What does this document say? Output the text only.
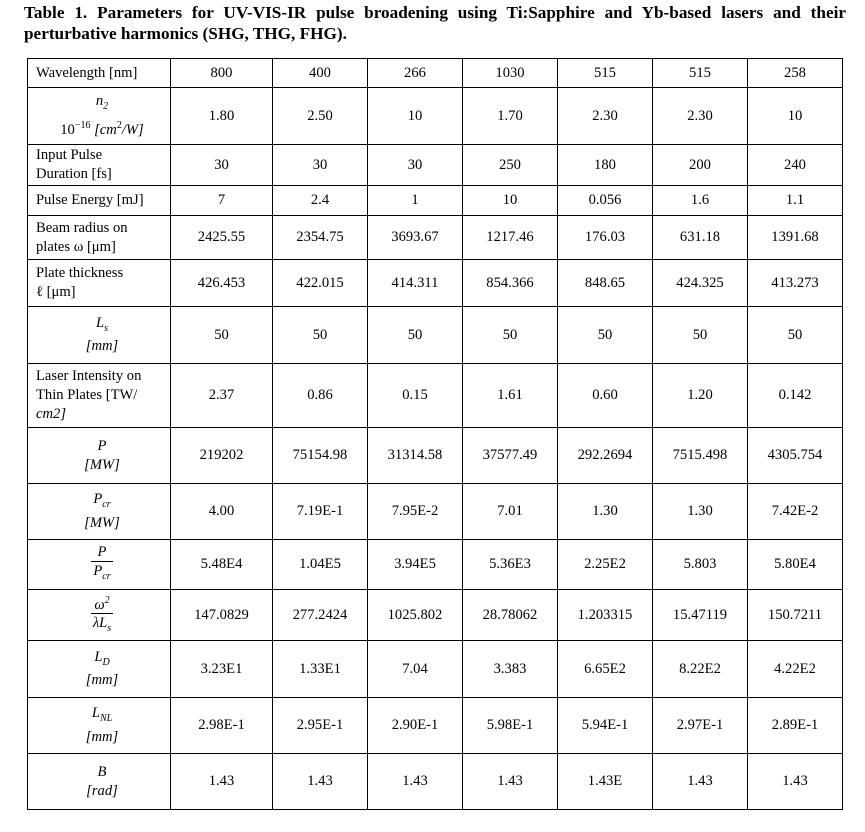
Table 1. Parameters for UV-VIS-IR pulse broadening using Ti:Sapphire and Yb-based lasers and their perturbative harmonics (SHG, THG, FHG).
Wavelength [nm]	800	400	266	1030	515	515	258

$n_2$
$10^{-16}$ $[cm^2/W]$	1.80	2.50	10	1.70	2.30	2.30	10

Input Pulse
Duration [fs]	30	30	30	250	180	200	240
Pulse Energy [mJ]	7	2.4	1	10	0.056	1.6	1.1

Beam radius on
plates ω [μm]	2425.55	2354.75	3693.67	1217.46	176.03	631.18	1391.68

Plate thickness
ℓ [μm]	426.453	422.015	414.311	854.366	848.65	424.325	413.273

$L_s$
[mm]	50	50	50	50	50	50	50

Laser Intensity on
Thin Plates [TW/
cm2]	2.37	0.86	0.15	1.61	0.60	1.20	0.142

P
[MW]	219202	75154.98	31314.58	37577.49	292.2694	7515.498	4305.754

$P_{cr}$
[MW]	4.00	7.19E-1	7.95E-2	7.01	1.30	1.30	7.42E-2

$\frac{P}{P_{cr}}$	5.48E4	1.04E5	3.94E5	5.36E3	2.25E2	5.803	5.80E4

$\frac{\omega^2}{\lambda L_s}$	147.0829	277.2424	1025.802	28.78062	1.203315	15.47119	150.7211

$L_D$
[mm]	3.23E1	1.33E1	7.04	3.383	6.65E2	8.22E2	4.22E2

$L_{NL}$
[mm]	2.98E-1	2.95E-1	2.90E-1	5.98E-1	5.94E-1	2.97E-1	2.89E-1

B
[rad]	1.43	1.43	1.43	1.43	1.43E	1.43	1.43
